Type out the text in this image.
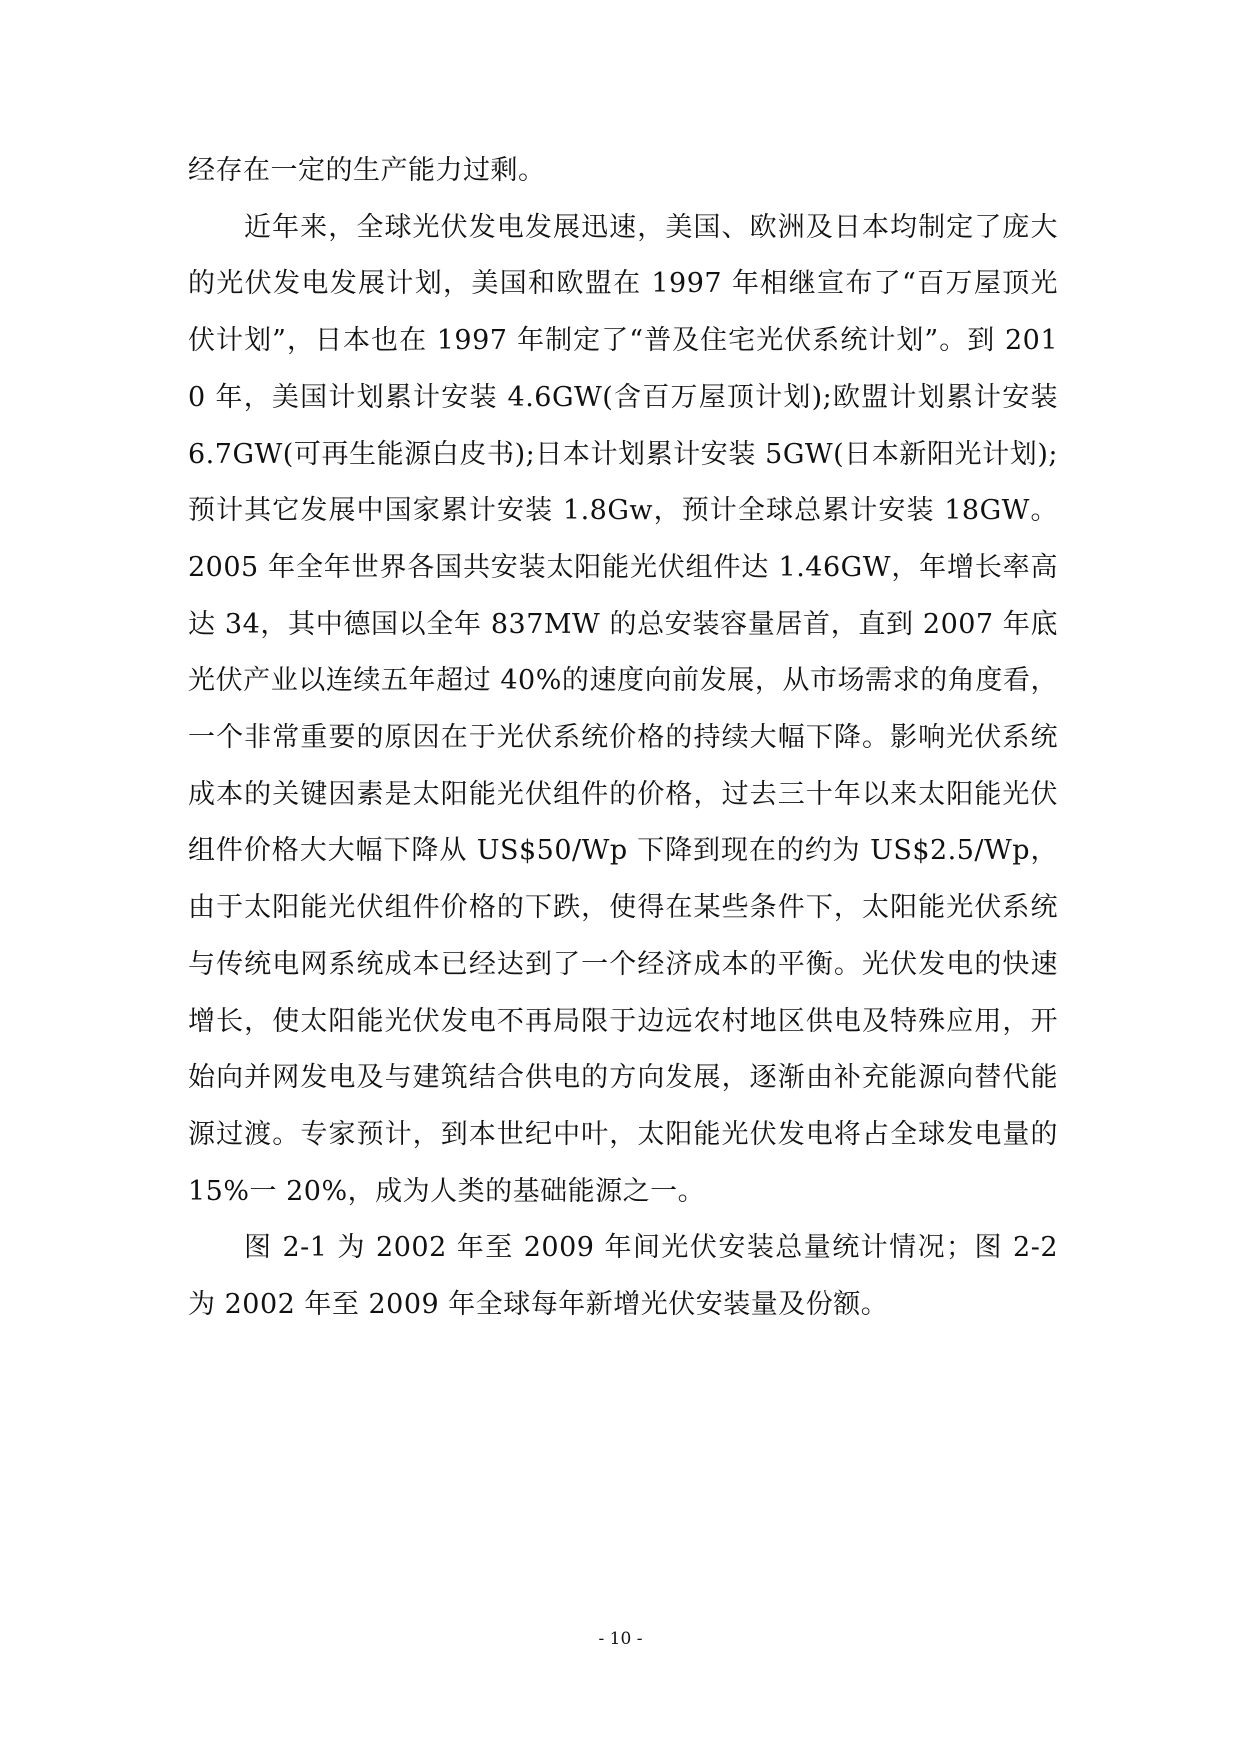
经存在一定的生产能力过剩。

近年来，全球光伏发电发展迅速，美国、欧洲及日本均制定了庞大的光伏发电发展计划，美国和欧盟在 1997 年相继宣布了“百万屋顶光伏计划”，日本也在 1997 年制定了“普及住宅光伏系统计划”。到 2010 年，美国计划累计安装 4.6GW(含百万屋顶计划);欧盟计划累计安装 6.7GW(可再生能源白皮书);日本计划累计安装 5GW(日本新阳光计划);预计其它发展中国家累计安装 1.8Gw，预计全球总累计安装 18GW。2005 年全年世界各国共安装太阳能光伏组件达 1.46GW，年增长率高达 34，其中德国以全年 837MW 的总安装容量居首，直到 2007 年底光伏产业以连续五年超过 40%的速度向前发展，从市场需求的角度看，一个非常重要的原因在于光伏系统价格的持续大幅下降。影响光伏系统成本的关键因素是太阳能光伏组件的价格，过去三十年以来太阳能光伏组件价格大大幅下降从 US$50/Wp 下降到现在的约为 US$2.5/Wp，由于太阳能光伏组件价格的下跌，使得在某些条件下，太阳能光伏系统与传统电网系统成本已经达到了一个经济成本的平衡。光伏发电的快速增长，使太阳能光伏发电不再局限于边远农村地区供电及特殊应用，开始向并网发电及与建筑结合供电的方向发展，逐渐由补充能源向替代能源过渡。专家预计，到本世纪中叶，太阳能光伏发电将占全球发电量的 15%一 20%，成为人类的基础能源之一。

图 2-1 为 2002 年至 2009 年间光伏安装总量统计情况；图 2-2 为 2002 年至 2009 年全球每年新增光伏安装量及份额。

- 10 -
